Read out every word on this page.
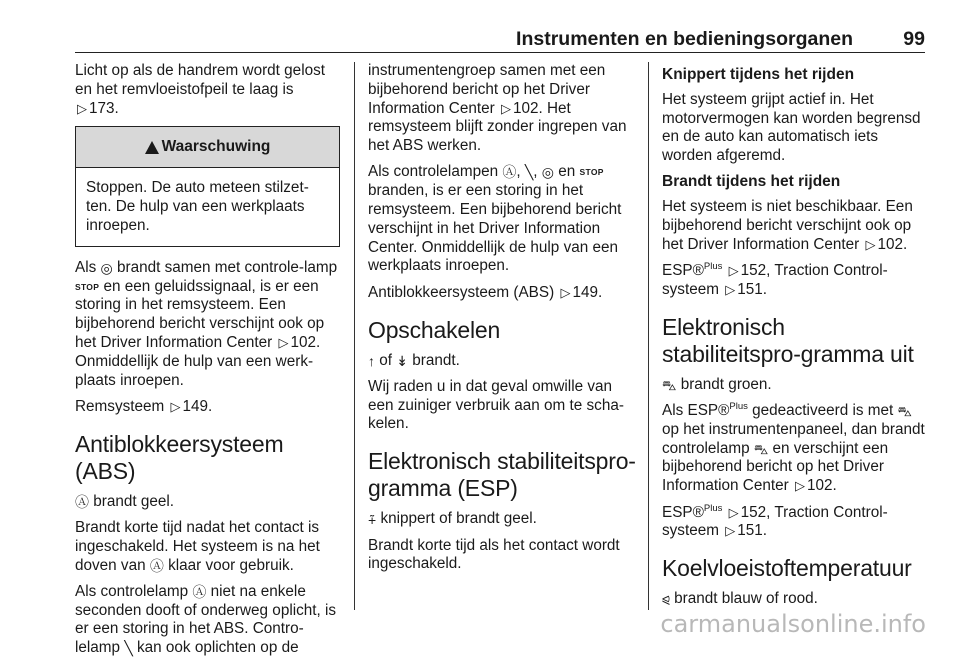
Instrumenten en bedieningsorganen	99

Licht op als de handrem wordt gelost en het remvloeistofpeil te laag is
▷ 173.

Waarschuwing
Stoppen. De auto meteen stilzet-ten. De hulp van een werkplaats inroepen.

Als ◎ brandt samen met controle-lamp STOP en een geluidssignaal, is er een storing in het remsysteem. Een bijbehorend bericht verschijnt ook op het Driver Information Center ▷ 102. Onmiddellijk de hulp van een werk-plaats inroepen.

Remsysteem ▷ 149.

Antiblokkeersysteem (ABS)

Ⓐ brandt geel.

Brandt korte tijd nadat het contact is ingeschakeld. Het systeem is na het doven van Ⓐ klaar voor gebruik.

Als controlelamp Ⓐ niet na enkele seconden dooft of onderweg oplicht, is er een storing in het ABS. Contro-lelamp ╲ kan ook oplichten op de

instrumentengroep samen met een bijbehorend bericht op het Driver Information Center ▷ 102. Het remsysteem blijft zonder ingrepen van het ABS werken.

Als controlelampen Ⓐ, ╲, ◎ en STOP branden, is er een storing in het remsysteem. Een bijbehorend bericht verschijnt in het Driver Information Center. Onmiddellijk de hulp van een werkplaats inroepen.

Antiblokkeersysteem (ABS) ▷ 149.

Opschakelen

↑ of ↡ brandt.

Wij raden u in dat geval omwille van een zuiniger verbruik aan om te scha-kelen.

Elektronisch stabiliteitspro-gramma (ESP)

⨤ knippert of brandt geel.

Brandt korte tijd als het contact wordt ingeschakeld.

Knippert tijdens het rijden

Het systeem grijpt actief in. Het motorvermogen kan worden begrensd en de auto kan automatisch iets worden afgeremd.

Brandt tijdens het rijden

Het systeem is niet beschikbaar. Een bijbehorend bericht verschijnt ook op het Driver Information Center ▷ 102.

ESP®$^{Plus}$ ▷ 152, Traction Control-systeem ▷ 151.

Elektronisch stabiliteitspro-gramma uit

⛍ brandt groen.

Als ESP®$^{Plus}$ gedeactiveerd is met ⛍ op het instrumentenpaneel, dan brandt controlelamp ⛍ en verschijnt een bijbehorend bericht op het Driver Information Center ▷ 102.

ESP®$^{Plus}$ ▷ 152, Traction Control-systeem ▷ 151.

Koelvloeistoftemperatuur

⪨ brandt blauw of rood.

carmanualsonline.info
